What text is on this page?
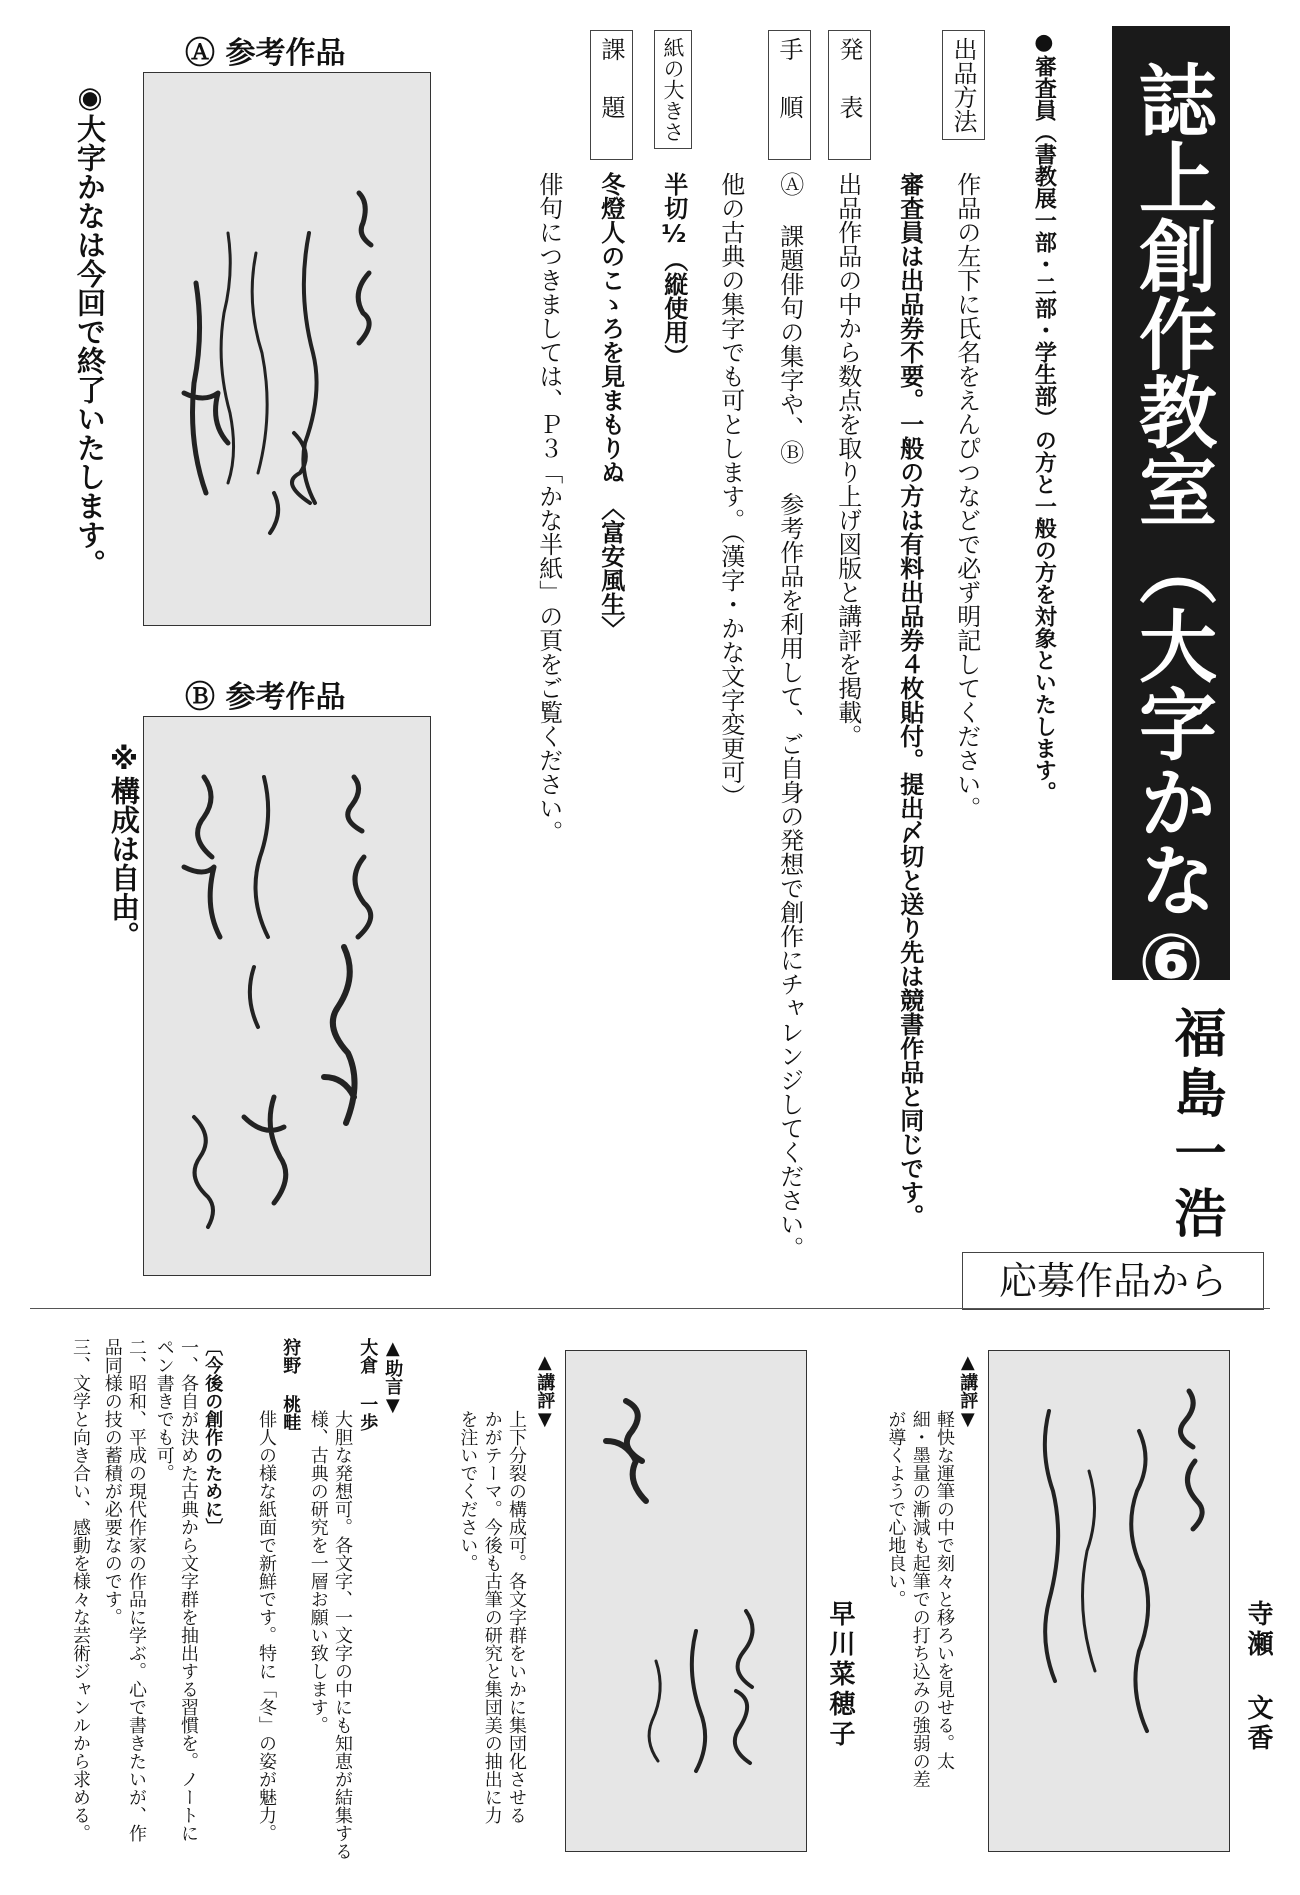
誌上創作教室（大字かな⑥）
福島一浩
●審査員（書教展一部・二部・学生部）の方と一般の方を対象といたします。
出品方法
作品の左下に氏名をえんぴつなどで必ず明記してください。
審査員は出品券不要。一般の方は有料出品券４枚貼付。提出〆切と送り先は競書作品と同じです。
発表
出品作品の中から数点を取り上げ図版と講評を掲載。
手順
Ⓐ 課題俳句の集字や、Ⓑ 参考作品を利用して、ご自身の発想で創作にチャレンジしてください。
他の古典の集字でも可とします。（漢字・かな文字変更可）
紙の大きさ
半切½（縦使用）
課題
冬燈人のこゝろを見まもりぬ　〈富安風生〉
俳句につきましては、Ｐ３「かな半紙」の頁をご覧ください。
Ⓐ 参考作品
◉大字かなは今回で終了いたします。
Ⓑ 参考作品
※構成は自由。
応募作品から
寺瀬 文香
▲講評▼
軽快な運筆の中で刻々と移ろいを見せる。太細・墨量の漸減も起筆での打ち込みの強弱の差が導くようで心地良い。
早川菜穂子
▲講評▼
上下分裂の構成可。各文字群をいかに集団化させるかがテーマ。今後も古筆の研究と集団美の抽出に力を注いでください。
▲助言▼
大倉 一歩
大胆な発想可。各文字、一文字の中にも知恵が結集する様、古典の研究を一層お願い致します。
狩野 桃畦
俳人の様な紙面で新鮮です。特に「冬」の姿が魅力。
〔今後の創作のために〕
一、各自が決めた古典から文字群を抽出する習慣を。ノートにペン書きでも可。
二、昭和、平成の現代作家の作品に学ぶ。心で書きたいが、作品同様の技の蓄積が必要なのです。
三、文学と向き合い、感動を様々な芸術ジャンルから求める。
